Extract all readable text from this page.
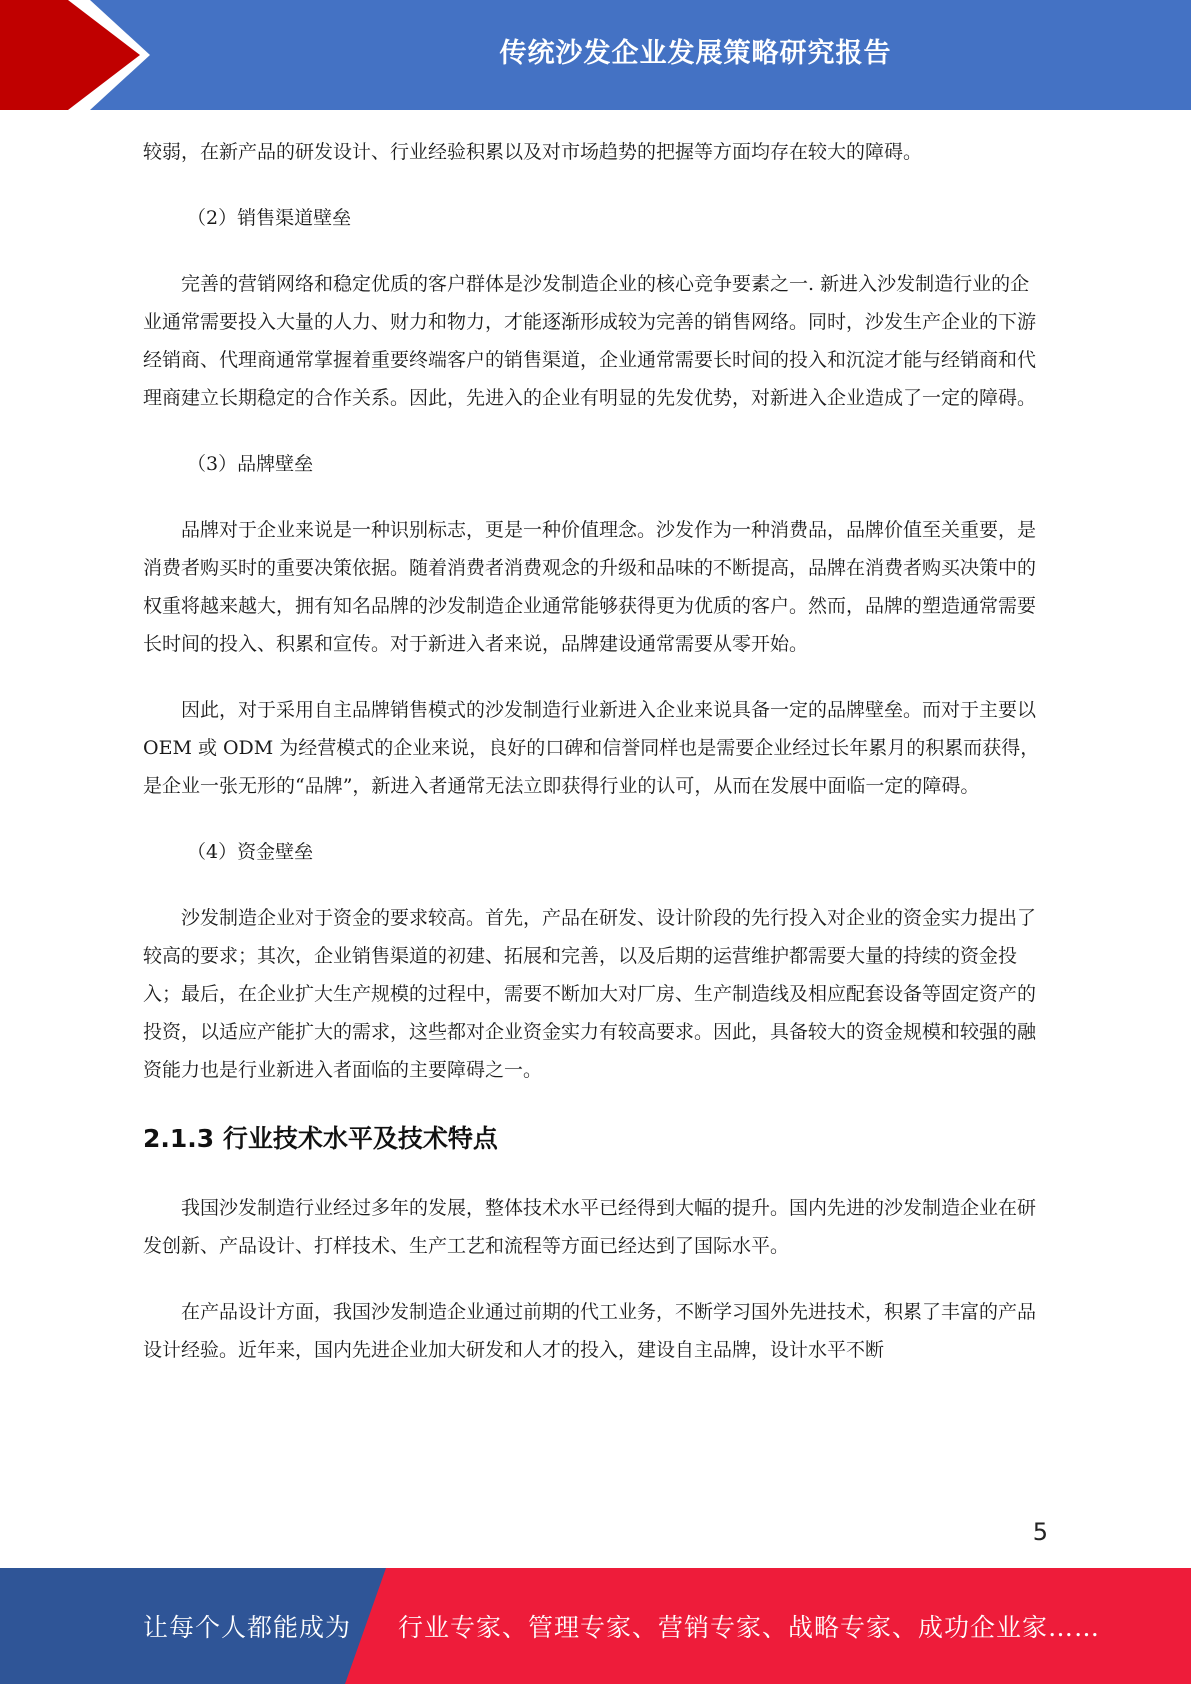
传统沙发企业发展策略研究报告

较弱，在新产品的研发设计、行业经验积累以及对市场趋势的把握等方面均存在较大的障碍。

（2）销售渠道壁垒

完善的营销网络和稳定优质的客户群体是沙发制造企业的核心竞争要素之一. 新进入沙发制造行业的企业通常需要投入大量的人力、财力和物力，才能逐渐形成较为完善的销售网络。同时，沙发生产企业的下游经销商、代理商通常掌握着重要终端客户的销售渠道，企业通常需要长时间的投入和沉淀才能与经销商和代理商建立长期稳定的合作关系。因此，先进入的企业有明显的先发优势，对新进入企业造成了一定的障碍。

（3）品牌壁垒

品牌对于企业来说是一种识别标志，更是一种价值理念。沙发作为一种消费品，品牌价值至关重要，是消费者购买时的重要决策依据。随着消费者消费观念的升级和品味的不断提高，品牌在消费者购买决策中的权重将越来越大，拥有知名品牌的沙发制造企业通常能够获得更为优质的客户。然而，品牌的塑造通常需要长时间的投入、积累和宣传。对于新进入者来说，品牌建设通常需要从零开始。

因此，对于采用自主品牌销售模式的沙发制造行业新进入企业来说具备一定的品牌壁垒。而对于主要以 OEM 或 ODM 为经营模式的企业来说，良好的口碑和信誉同样也是需要企业经过长年累月的积累而获得，是企业一张无形的“品牌”，新进入者通常无法立即获得行业的认可，从而在发展中面临一定的障碍。

（4）资金壁垒

沙发制造企业对于资金的要求较高。首先，产品在研发、设计阶段的先行投入对企业的资金实力提出了较高的要求；其次，企业销售渠道的初建、拓展和完善，以及后期的运营维护都需要大量的持续的资金投入；最后，在企业扩大生产规模的过程中，需要不断加大对厂房、生产制造线及相应配套设备等固定资产的投资，以适应产能扩大的需求，这些都对企业资金实力有较高要求。因此，具备较大的资金规模和较强的融资能力也是行业新进入者面临的主要障碍之一。

2.1.3 行业技术水平及技术特点

我国沙发制造行业经过多年的发展，整体技术水平已经得到大幅的提升。国内先进的沙发制造企业在研发创新、产品设计、打样技术、生产工艺和流程等方面已经达到了国际水平。

在产品设计方面，我国沙发制造企业通过前期的代工业务，不断学习国外先进技术，积累了丰富的产品设计经验。近年来，国内先进企业加大研发和人才的投入，建设自主品牌，设计水平不断

5
让每个人都能成为 行业专家、管理专家、营销专家、战略专家、成功企业家……
